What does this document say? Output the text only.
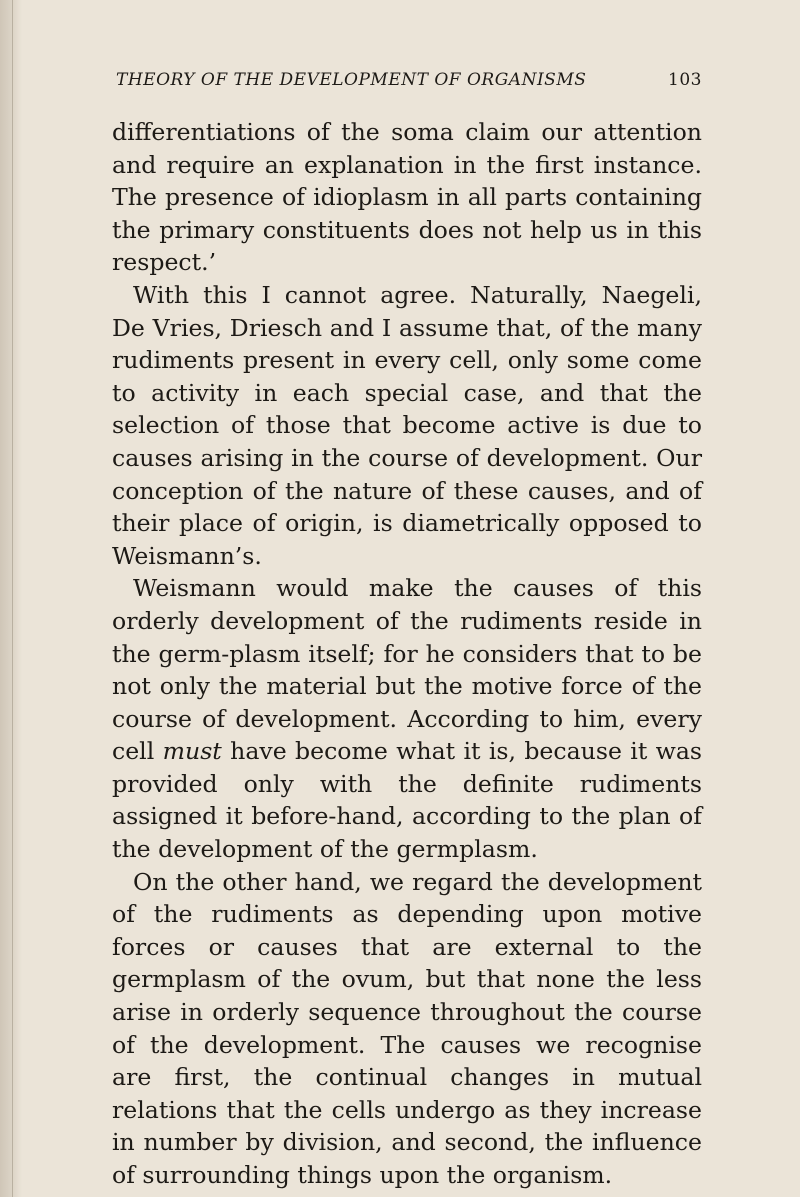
THEORY OF THE DEVELOPMENT OF ORGANISMS	103

differentiations of the soma claim our attention and require an explanation in the first instance. The presence of idioplasm in all parts containing the primary constituents does not help us in this respect.’

With this I cannot agree. Naturally, Naegeli, De Vries, Driesch and I assume that, of the many rudiments present in every cell, only some come to activity in each special case, and that the selection of those that become active is due to causes arising in the course of development. Our conception of the nature of these causes, and of their place of origin, is diametrically opposed to Weismann’s.

Weismann would make the causes of this orderly development of the rudiments reside in the germ-plasm itself; for he considers that to be not only the material but the motive force of the course of development. According to him, every cell must have become what it is, because it was provided only with the definite rudiments assigned it before-hand, according to the plan of the development of the germplasm.

On the other hand, we regard the development of the rudiments as depending upon motive forces or causes that are external to the germplasm of the ovum, but that none the less arise in orderly sequence throughout the course of the development. The causes we recognise are first, the continual changes in mutual relations that the cells undergo as they increase in number by division, and second, the influence of surrounding things upon the organism.
